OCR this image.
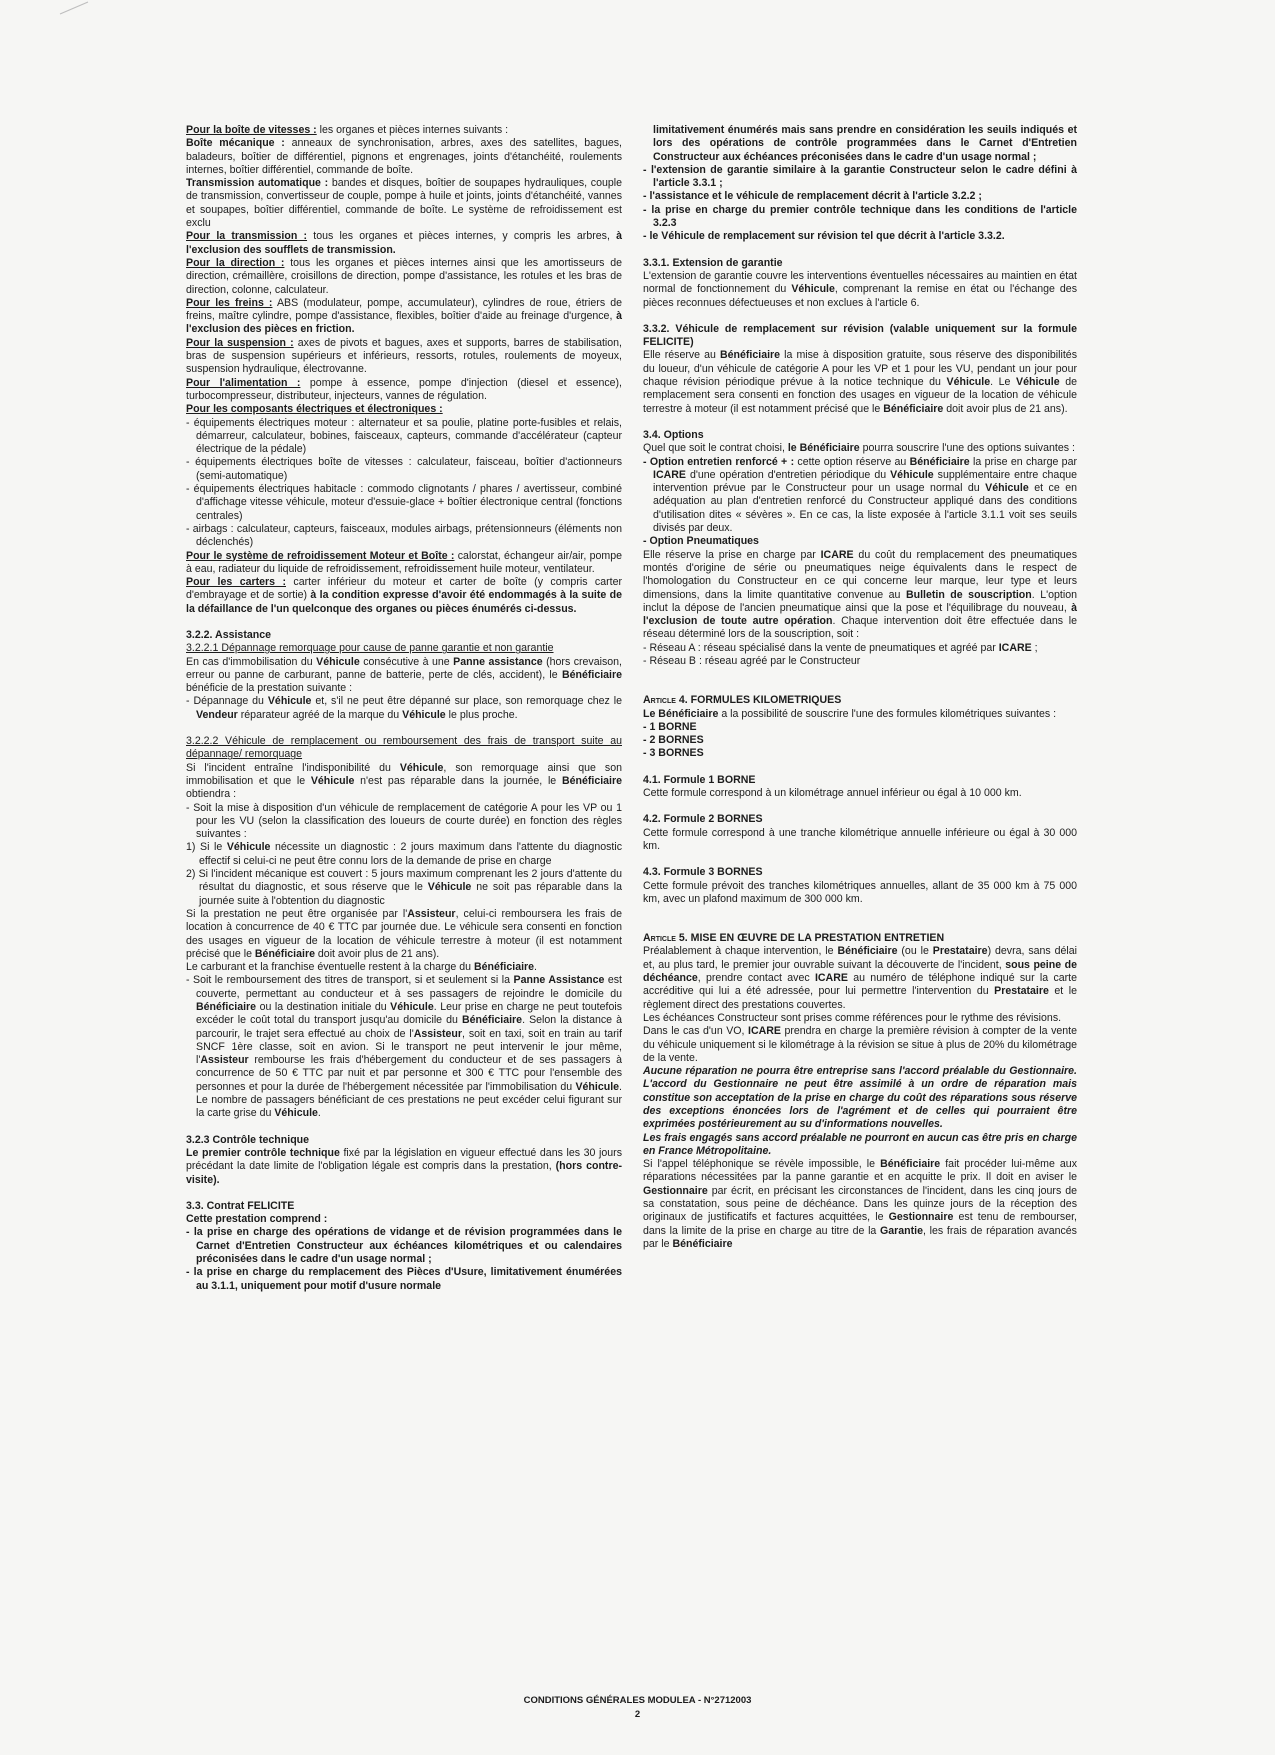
Pour la boîte de vitesses : les organes et pièces internes suivants :

Boîte mécanique : anneaux de synchronisation, arbres, axes des satellites, bagues, baladeurs, boîtier de différentiel, pignons et engrenages, joints d'étanchéité, roulements internes, boîtier différentiel, commande de boîte.

Transmission automatique : bandes et disques, boîtier de soupapes hydrauliques, couple de transmission, convertisseur de couple, pompe à huile et joints, joints d'étanchéité, vannes et soupapes, boîtier différentiel, commande de boîte. Le système de refroidissement est exclu

Pour la transmission : tous les organes et pièces internes, y compris les arbres, à l'exclusion des soufflets de transmission.

Pour la direction : tous les organes et pièces internes ainsi que les amortisseurs de direction, crémaillère, croisillons de direction, pompe d'assistance, les rotules et les bras de direction, colonne, calculateur.

Pour les freins : ABS (modulateur, pompe, accumulateur), cylindres de roue, étriers de freins, maître cylindre, pompe d'assistance, flexibles, boîtier d'aide au freinage d'urgence, à l'exclusion des pièces en friction.

Pour la suspension : axes de pivots et bagues, axes et supports, barres de stabilisation, bras de suspension supérieurs et inférieurs, ressorts, rotules, roulements de moyeux, suspension hydraulique, électrovanne.

Pour l'alimentation : pompe à essence, pompe d'injection (diesel et essence), turbocompresseur, distributeur, injecteurs, vannes de régulation.

Pour les composants électriques et électroniques :

- équipements électriques moteur : alternateur et sa poulie, platine porte-fusibles et relais, démarreur, calculateur, bobines, faisceaux, capteurs, commande d'accélérateur (capteur électrique de la pédale)

- équipements électriques boîte de vitesses : calculateur, faisceau, boîtier d'actionneurs (semi-automatique)

- équipements électriques habitacle : commodo clignotants / phares / avertisseur, combiné d'affichage vitesse véhicule, moteur d'essuie-glace + boîtier électronique central (fonctions centrales)

- airbags : calculateur, capteurs, faisceaux, modules airbags, prétensionneurs (éléments non déclenchés)

Pour le système de refroidissement Moteur et Boîte : calorstat, échangeur air/air, pompe à eau, radiateur du liquide de refroidissement, refroidissement huile moteur, ventilateur.

Pour les carters : carter inférieur du moteur et carter de boîte (y compris carter d'embrayage et de sortie) à la condition expresse d'avoir été endommagés à la suite de la défaillance de l'un quelconque des organes ou pièces énumérés ci-dessus.

3.2.2. Assistance

3.2.2.1 Dépannage remorquage pour cause de panne garantie et non garantie

En cas d'immobilisation du Véhicule consécutive à une Panne assistance (hors crevaison, erreur ou panne de carburant, panne de batterie, perte de clés, accident), le Bénéficiaire bénéficie de la prestation suivante :

- Dépannage du Véhicule et, s'il ne peut être dépanné sur place, son remorquage chez le Vendeur réparateur agréé de la marque du Véhicule le plus proche.

3.2.2.2 Véhicule de remplacement ou remboursement des frais de transport suite au dépannage/ remorquage

Si l'incident entraîne l'indisponibilité du Véhicule, son remorquage ainsi que son immobilisation et que le Véhicule n'est pas réparable dans la journée, le Bénéficiaire obtiendra :

- Soit la mise à disposition d'un véhicule de remplacement de catégorie A pour les VP ou 1 pour les VU (selon la classification des loueurs de courte durée) en fonction des règles suivantes :

1) Si le Véhicule nécessite un diagnostic : 2 jours maximum dans l'attente du diagnostic effectif si celui-ci ne peut être connu lors de la demande de prise en charge

2) Si l'incident mécanique est couvert : 5 jours maximum comprenant les 2 jours d'attente du résultat du diagnostic, et sous réserve que le Véhicule ne soit pas réparable dans la journée suite à l'obtention du diagnostic

Si la prestation ne peut être organisée par l'Assisteur, celui-ci remboursera les frais de location à concurrence de 40 € TTC par journée due. Le véhicule sera consenti en fonction des usages en vigueur de la location de véhicule terrestre à moteur (il est notamment précisé que le Bénéficiaire doit avoir plus de 21 ans).

Le carburant et la franchise éventuelle restent à la charge du Bénéficiaire.

- Soit le remboursement des titres de transport, si et seulement si la Panne Assistance est couverte, permettant au conducteur et à ses passagers de rejoindre le domicile du Bénéficiaire ou la destination initiale du Véhicule. Leur prise en charge ne peut toutefois excéder le coût total du transport jusqu'au domicile du Bénéficiaire. Selon la distance à parcourir, le trajet sera effectué au choix de l'Assisteur, soit en taxi, soit en train au tarif SNCF 1ère classe, soit en avion. Si le transport ne peut intervenir le jour même, l'Assisteur rembourse les frais d'hébergement du conducteur et de ses passagers à concurrence de 50 € TTC par nuit et par personne et 300 € TTC pour l'ensemble des personnes et pour la durée de l'hébergement nécessitée par l'immobilisation du Véhicule. Le nombre de passagers bénéficiant de ces prestations ne peut excéder celui figurant sur la carte grise du Véhicule.

3.2.3 Contrôle technique

Le premier contrôle technique fixé par la législation en vigueur effectué dans les 30 jours précédant la date limite de l'obligation légale est compris dans la prestation, (hors contre-visite).

3.3. Contrat FELICITE

Cette prestation comprend :

- la prise en charge des opérations de vidange et de révision programmées dans le Carnet d'Entretien Constructeur aux échéances kilométriques et ou calendaires préconisées dans le cadre d'un usage normal ;

- la prise en charge du remplacement des Pièces d'Usure, limitativement énumérées au 3.1.1, uniquement pour motif d'usure normale

limitativement énumérés mais sans prendre en considération les seuils indiqués et lors des opérations de contrôle programmées dans le Carnet d'Entretien Constructeur aux échéances préconisées dans le cadre d'un usage normal ;

- l'extension de garantie similaire à la garantie Constructeur selon le cadre défini à l'article 3.3.1 ;

- l'assistance et le véhicule de remplacement décrit à l'article 3.2.2 ;

- la prise en charge du premier contrôle technique dans les conditions de l'article 3.2.3

- le Véhicule de remplacement sur révision tel que décrit à l'article 3.3.2.

3.3.1. Extension de garantie

L'extension de garantie couvre les interventions éventuelles nécessaires au maintien en état normal de fonctionnement du Véhicule, comprenant la remise en état ou l'échange des pièces reconnues défectueuses et non exclues à l'article 6.

3.3.2. Véhicule de remplacement sur révision (valable uniquement sur la formule FELICITE)

Elle réserve au Bénéficiaire la mise à disposition gratuite, sous réserve des disponibilités du loueur, d'un véhicule de catégorie A pour les VP et 1 pour les VU, pendant un jour pour chaque révision périodique prévue à la notice technique du Véhicule. Le Véhicule de remplacement sera consenti en fonction des usages en vigueur de la location de véhicule terrestre à moteur (il est notamment précisé que le Bénéficiaire doit avoir plus de 21 ans).

3.4. Options

Quel que soit le contrat choisi, le Bénéficiaire pourra souscrire l'une des options suivantes :

- Option entretien renforcé + : cette option réserve au Bénéficiaire la prise en charge par ICARE d'une opération d'entretien périodique du Véhicule supplémentaire entre chaque intervention prévue par le Constructeur pour un usage normal du Véhicule et ce en adéquation au plan d'entretien renforcé du Constructeur appliqué dans des conditions d'utilisation dites « sévères ». En ce cas, la liste exposée à l'article 3.1.1 voit ses seuils divisés par deux.

- Option Pneumatiques

Elle réserve la prise en charge par ICARE du coût du remplacement des pneumatiques montés d'origine de série ou pneumatiques neige équivalents dans le respect de l'homologation du Constructeur en ce qui concerne leur marque, leur type et leurs dimensions, dans la limite quantitative convenue au Bulletin de souscription. L'option inclut la dépose de l'ancien pneumatique ainsi que la pose et l'équilibrage du nouveau, à l'exclusion de toute autre opération. Chaque intervention doit être effectuée dans le réseau déterminé lors de la souscription, soit :

- Réseau A : réseau spécialisé dans la vente de pneumatiques et agréé par ICARE ;

- Réseau B : réseau agréé par le Constructeur

Article 4. FORMULES KILOMETRIQUES

Le Bénéficiaire a la possibilité de souscrire l'une des formules kilométriques suivantes :

- 1 BORNE

- 2 BORNES

- 3 BORNES

4.1. Formule 1 BORNE

Cette formule correspond à un kilométrage annuel inférieur ou égal à 10 000 km.

4.2. Formule 2 BORNES

Cette formule correspond à une tranche kilométrique annuelle inférieure ou égal à 30 000 km.

4.3. Formule 3 BORNES

Cette formule prévoit des tranches kilométriques annuelles, allant de 35 000 km à 75 000 km, avec un plafond maximum de 300 000 km.

Article 5. MISE EN ŒUVRE DE LA PRESTATION ENTRETIEN

Préalablement à chaque intervention, le Bénéficiaire (ou le Prestataire) devra, sans délai et, au plus tard, le premier jour ouvrable suivant la découverte de l'incident, sous peine de déchéance, prendre contact avec ICARE au numéro de téléphone indiqué sur la carte accréditive qui lui a été adressée, pour lui permettre l'intervention du Prestataire et le règlement direct des prestations couvertes.

Les échéances Constructeur sont prises comme références pour le rythme des révisions.

Dans le cas d'un VO, ICARE prendra en charge la première révision à compter de la vente du véhicule uniquement si le kilométrage à la révision se situe à plus de 20% du kilométrage de la vente.

Aucune réparation ne pourra être entreprise sans l'accord préalable du Gestionnaire. L'accord du Gestionnaire ne peut être assimilé à un ordre de réparation mais constitue son acceptation de la prise en charge du coût des réparations sous réserve des exceptions énoncées lors de l'agrément et de celles qui pourraient être exprimées postérieurement au su d'informations nouvelles.

Les frais engagés sans accord préalable ne pourront en aucun cas être pris en charge en France Métropolitaine.

Si l'appel téléphonique se révèle impossible, le Bénéficiaire fait procéder lui-même aux réparations nécessitées par la panne garantie et en acquitte le prix. Il doit en aviser le Gestionnaire par écrit, en précisant les circonstances de l'incident, dans les cinq jours de sa constatation, sous peine de déchéance. Dans les quinze jours de la réception des originaux de justificatifs et factures acquittées, le Gestionnaire est tenu de rembourser, dans la limite de la prise en charge au titre de la Garantie, les frais de réparation avancés par le Bénéficiaire

CONDITIONS GÉNÉRALES MODULEA - N°2712003
2
